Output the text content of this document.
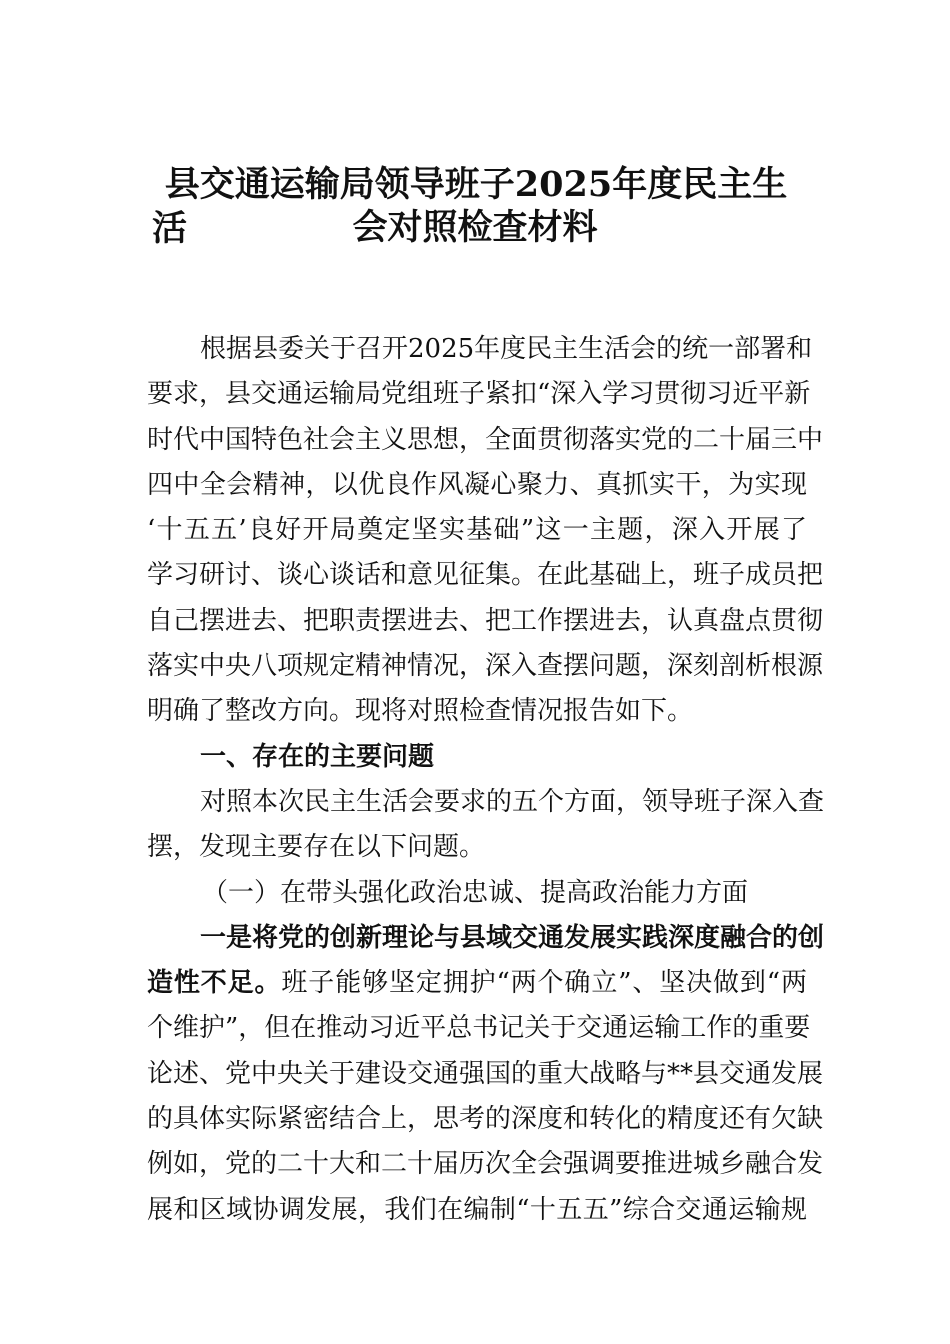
县交通运输局领导班子2025年度民主生活	会对照检查材料
根据县委关于召开2025年度民主生活会的统一部署和
要求，县交通运输局党组班子紧扣“深入学习贯彻习近平新
时代中国特色社会主义思想，全面贯彻落实党的二十届三中
四中全会精神，以优良作风凝心聚力、真抓实干，为实现
‘十五五’良好开局奠定坚实基础”这一主题，深入开展了
学习研讨、谈心谈话和意见征集。在此基础上，班子成员把
自己摆进去、把职责摆进去、把工作摆进去，认真盘点贯彻
落实中央八项规定精神情况，深入查摆问题，深刻剖析根源
明确了整改方向。现将对照检查情况报告如下。
一、存在的主要问题
对照本次民主生活会要求的五个方面，领导班子深入查
摆，发现主要存在以下问题。
（一）在带头强化政治忠诚、提高政治能力方面
一是将党的创新理论与县域交通发展实践深度融合的创
造性不足。班子能够坚定拥护“两个确立”、坚决做到“两
个维护”，但在推动习近平总书记关于交通运输工作的重要
论述、党中央关于建设交通强国的重大战略与**县交通发展
的具体实际紧密结合上，思考的深度和转化的精度还有欠缺
例如，党的二十大和二十届历次全会强调要推进城乡融合发
展和区域协调发展，我们在编制“十五五”综合交通运输规
